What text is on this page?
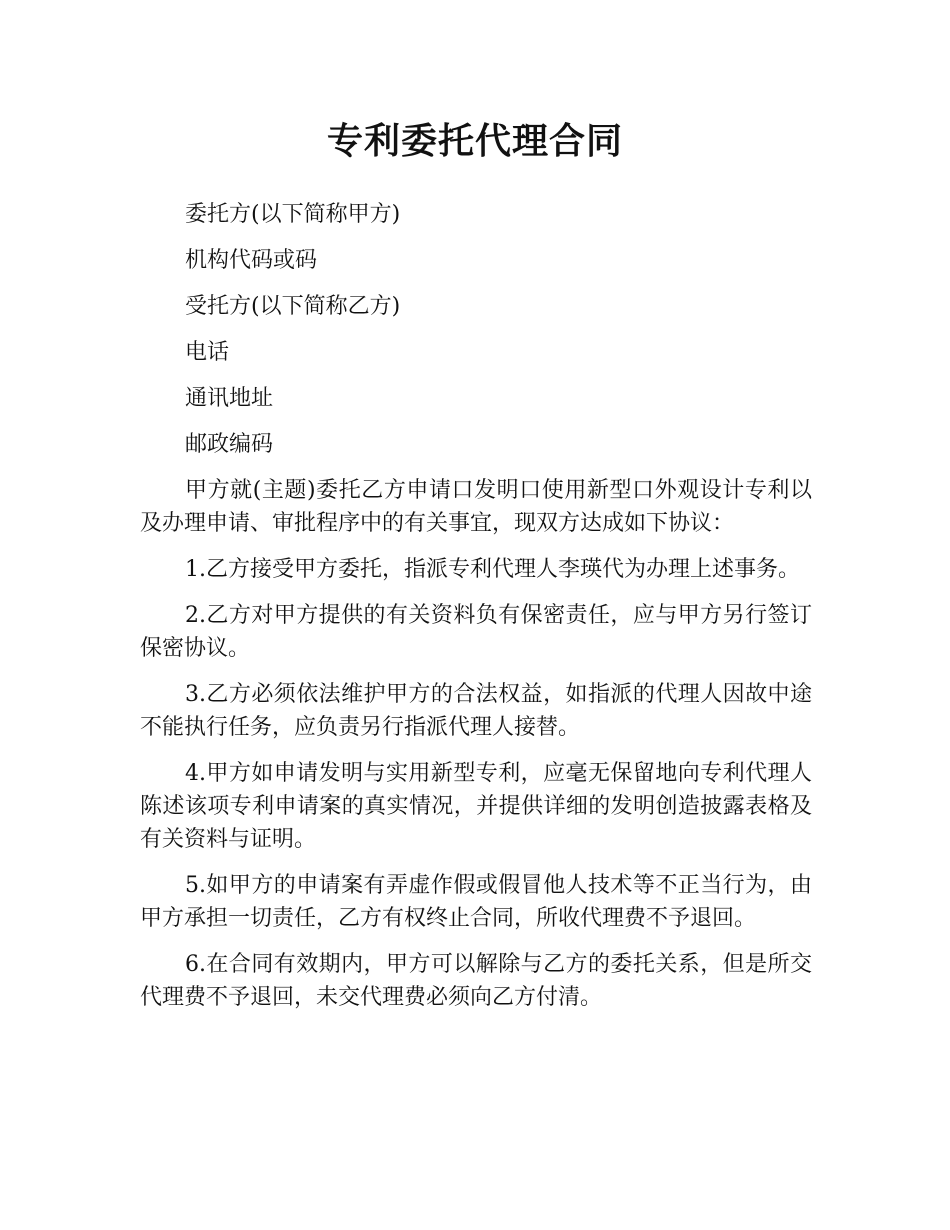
专利委托代理合同

委托方(以下简称甲方)

机构代码或码

受托方(以下简称乙方)

电话

通讯地址

邮政编码

甲方就(主题)委托乙方申请口发明口使用新型口外观设计专利以及办理申请、审批程序中的有关事宜，现双方达成如下协议：

1.乙方接受甲方委托，指派专利代理人李瑛代为办理上述事务。

2.乙方对甲方提供的有关资料负有保密责任，应与甲方另行签订保密协议。

3.乙方必须依法维护甲方的合法权益，如指派的代理人因故中途不能执行任务，应负责另行指派代理人接替。

4.甲方如申请发明与实用新型专利，应毫无保留地向专利代理人陈述该项专利申请案的真实情况，并提供详细的发明创造披露表格及有关资料与证明。

5.如甲方的申请案有弄虚作假或假冒他人技术等不正当行为，由甲方承担一切责任，乙方有权终止合同，所收代理费不予退回。

6.在合同有效期内，甲方可以解除与乙方的委托关系，但是所交代理费不予退回，未交代理费必须向乙方付清。
